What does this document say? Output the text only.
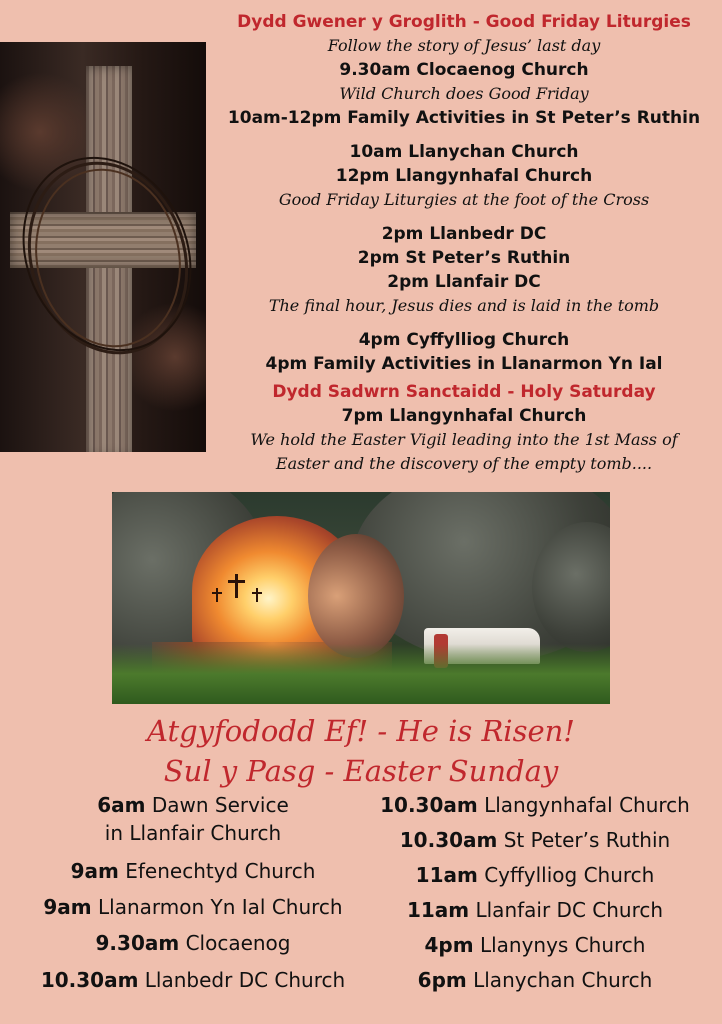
Dydd Gwener y Groglith - Good Friday Liturgies

Follow the story of Jesus’ last day

9.30am Clocaenog Church

Wild Church does Good Friday

10am-12pm Family Activities in St Peter’s Ruthin

10am Llanychan Church

12pm Llangynhafal Church

Good Friday Liturgies at the foot of the Cross

2pm Llanbedr DC

2pm St Peter’s Ruthin

2pm Llanfair DC

The final hour, Jesus dies and is laid in the tomb

4pm Cyffylliog Church

4pm Family Activities in Llanarmon Yn Ial

Dydd Sadwrn Sanctaidd - Holy Saturday

7pm Llangynhafal Church

We hold the Easter Vigil leading into the 1st Mass of

Easter and the discovery of the empty tomb....

Atgyfododd Ef! - He is Risen!

Sul y Pasg - Easter Sunday

6am Dawn Service

in Llanfair Church

9am Efenechtyd Church

9am Llanarmon Yn Ial Church

9.30am Clocaenog

10.30am Llanbedr DC Church

10.30am Llangynhafal Church

10.30am St Peter’s Ruthin

11am Cyffylliog Church

11am Llanfair DC Church

4pm Llanynys Church

6pm Llanychan Church
